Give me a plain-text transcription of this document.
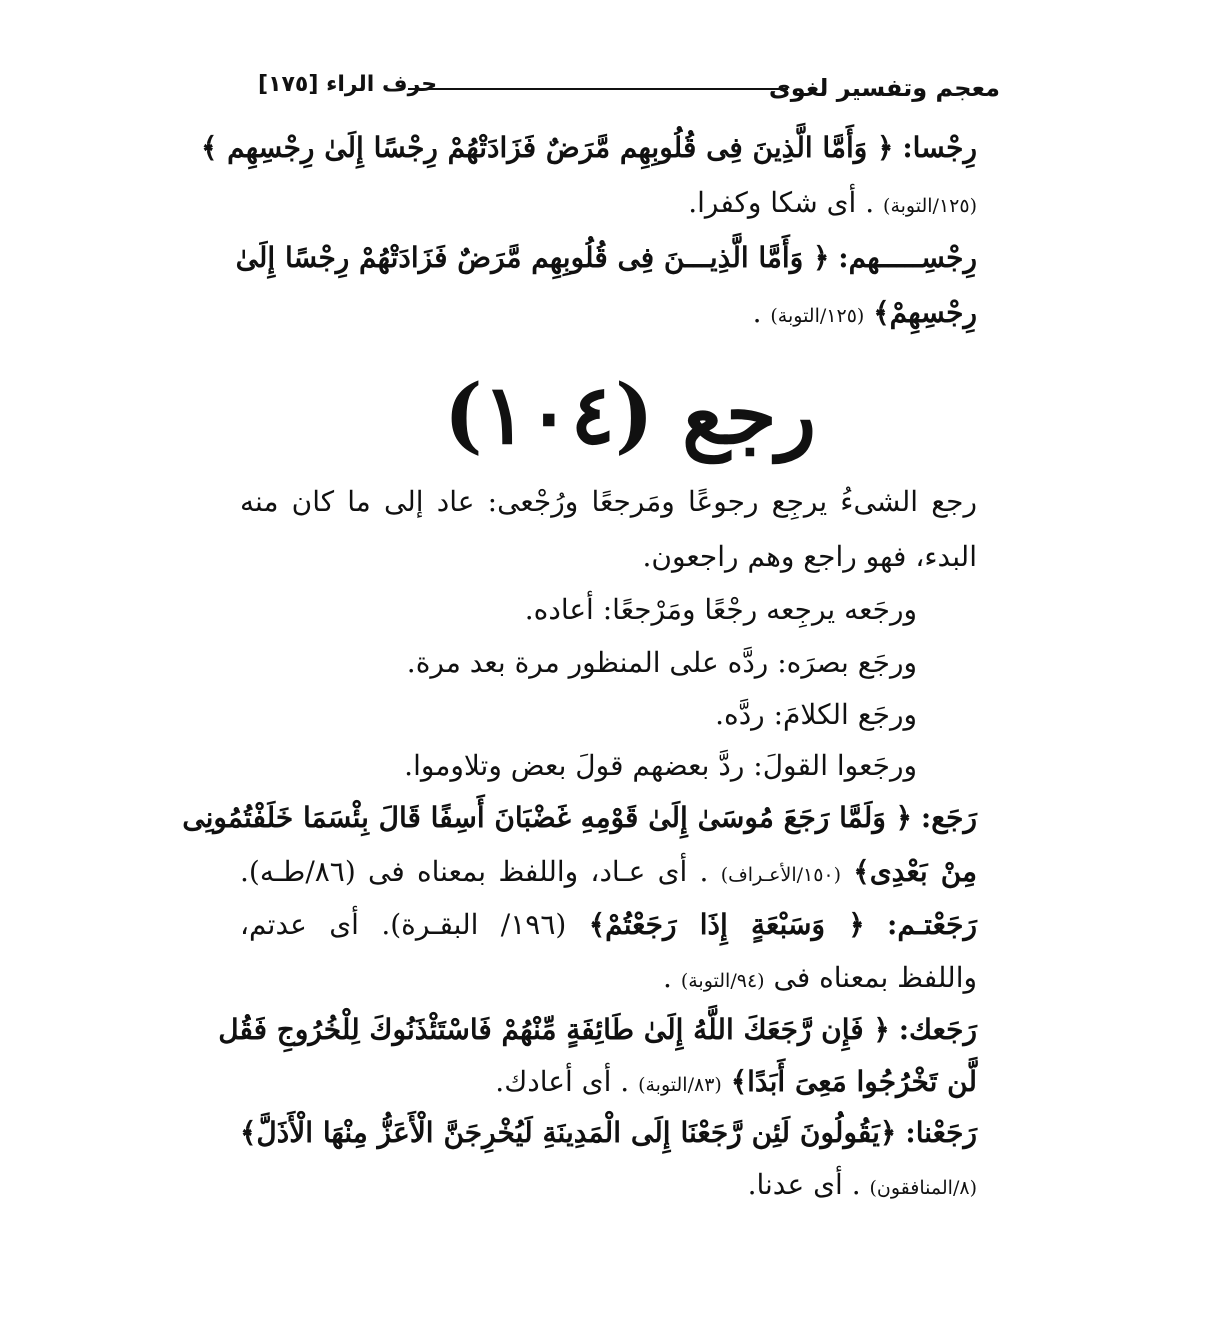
معجم وتفسير لغوى
حرف الراء [١٧٥]
رِجْسا: ﴿ وَأَمَّا الَّذِينَ فِى قُلُوبِهِم مَّرَضٌ فَزَادَتْهُمْ رِجْسًا إِلَىٰ رِجْسِهِم ﴾
(١٢٥/التوبة) . أى شكا وكفرا.
رِجْسِـــــهم: ﴿ وَأَمَّا الَّذِيـــنَ فِى قُلُوبِهِم مَّرَضٌ فَزَادَتْهُمْ رِجْسًا إِلَىٰ
رِجْسِهِمْ﴾ (١٢٥/التوبة) .
رجع (١٠٤)
رجع الشىءُ يرجِع رجوعًا ومَرجعًا ورُجْعى: عاد إلى ما كان منه
البدء، فهو راجع وهم راجعون.
ورجَعه يرجِعه رجْعًا ومَرْجعًا: أعاده.
ورجَع بصرَه: ردَّه على المنظور مرة بعد مرة.
ورجَع الكلامَ: ردَّه.
ورجَعوا القولَ: ردَّ بعضهم قولَ بعض وتلاوموا.
رَجَع: ﴿ وَلَمَّا رَجَعَ مُوسَىٰ إِلَىٰ قَوْمِهِ غَضْبَانَ أَسِفًا قَالَ بِئْسَمَا خَلَفْتُمُونِى
مِنْ بَعْدِى﴾ (١٥٠/الأعـراف) . أى عـاد، واللفظ بمعناه فى (٨٦/طـه).
رَجَعْتـم: ﴿ وَسَبْعَةٍ إِذَا رَجَعْتُمْ﴾ (١٩٦/ البقـرة). أى عدتم،
واللفظ بمعناه فى (٩٤/التوبة) .
رَجَعك: ﴿ فَإِن رَّجَعَكَ اللَّهُ إِلَىٰ طَائِفَةٍ مِّنْهُمْ فَاسْتَئْذَنُوكَ لِلْخُرُوجِ فَقُل
لَّن تَخْرُجُوا مَعِىَ أَبَدًا﴾ (٨٣/التوبة) . أى أعادك.
رَجَعْنا: ﴿يَقُولُونَ لَئِن رَّجَعْنَا إِلَى الْمَدِينَةِ لَيُخْرِجَنَّ الْأَعَزُّ مِنْهَا الْأَذَلَّ﴾
(٨/المنافقون) . أى عدنا.
